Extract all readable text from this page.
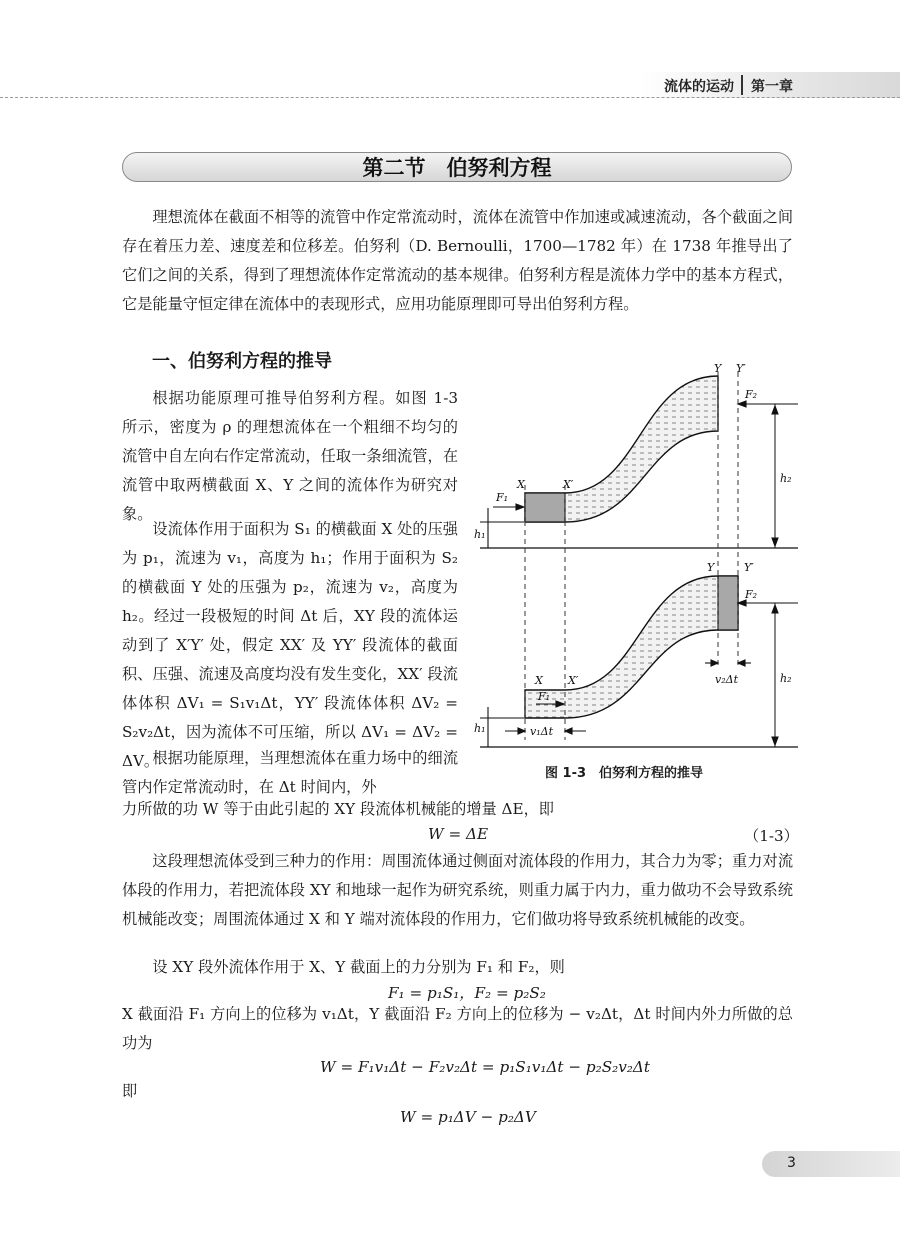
流体的运动 第一章
第二节　伯努利方程

理想流体在截面不相等的流管中作定常流动时，流体在流管中作加速或减速流动，各个截面之间存在着压力差、速度差和位移差。伯努利（D. Bernoulli，1700—1782 年）在 1738 年推导出了它们之间的关系，得到了理想流体作定常流动的基本规律。伯努利方程是流体力学中的基本方程式，它是能量守恒定律在流体中的表现形式，应用功能原理即可导出伯努利方程。

一、伯努利方程的推导

根据功能原理可推导伯努利方程。如图 1-3 所示，密度为 ρ 的理想流体在一个粗细不均匀的流管中自左向右作定常流动，任取一条细流管，在流管中取两横截面 X、Y 之间的流体作为研究对象。

设流体作用于面积为 S₁ 的横截面 X 处的压强为 p₁，流速为 v₁，高度为 h₁；作用于面积为 S₂ 的横截面 Y 处的压强为 p₂，流速为 v₂，高度为 h₂。经过一段极短的时间 Δt 后，XY 段的流体运动到了 X′Y′ 处，假定 XX′ 及 YY′ 段流体的截面积、压强、流速及高度均没有发生变化，XX′ 段流体体积 ΔV₁ = S₁v₁Δt，YY′ 段流体体积 ΔV₂ = S₂v₂Δt，因为流体不可压缩，所以 ΔV₁ = ΔV₂ = ΔV。

根据功能原理，当理想流体在重力场中的细流管内作定常流动时，在 Δt 时间内，外

力所做的功 W 等于由此引起的 XY 段流体机械能的增量 ΔE，即

W = ΔE	（1-3）

这段理想流体受到三种力的作用：周围流体通过侧面对流体段的作用力，其合力为零；重力对流体段的作用力，若把流体段 XY 和地球一起作为研究系统，则重力属于内力，重力做功不会导致系统机械能改变；周围流体通过 X 和 Y 端对流体段的作用力，它们做功将导致系统机械能的改变。

设 XY 段外流体作用于 X、Y 截面上的力分别为 F₁ 和 F₂，则

F₁ = p₁S₁，F₂ = p₂S₂

X 截面沿 F₁ 方向上的位移为 v₁Δt，Y 截面沿 F₂ 方向上的位移为 − v₂Δt，Δt 时间内外力所做的总功为

W = F₁v₁Δt − F₂v₂Δt = p₁S₁v₁Δt − p₂S₂v₂Δt

即

W = p₁ΔV − p₂ΔV
X	X′
Y Y′
F₁
F₂
h₁
h₂
X X′
Y	Y′
F₁
F₂
h₁
h₂
v₁Δt
v₂Δt
图 1-3　伯努利方程的推导
3
